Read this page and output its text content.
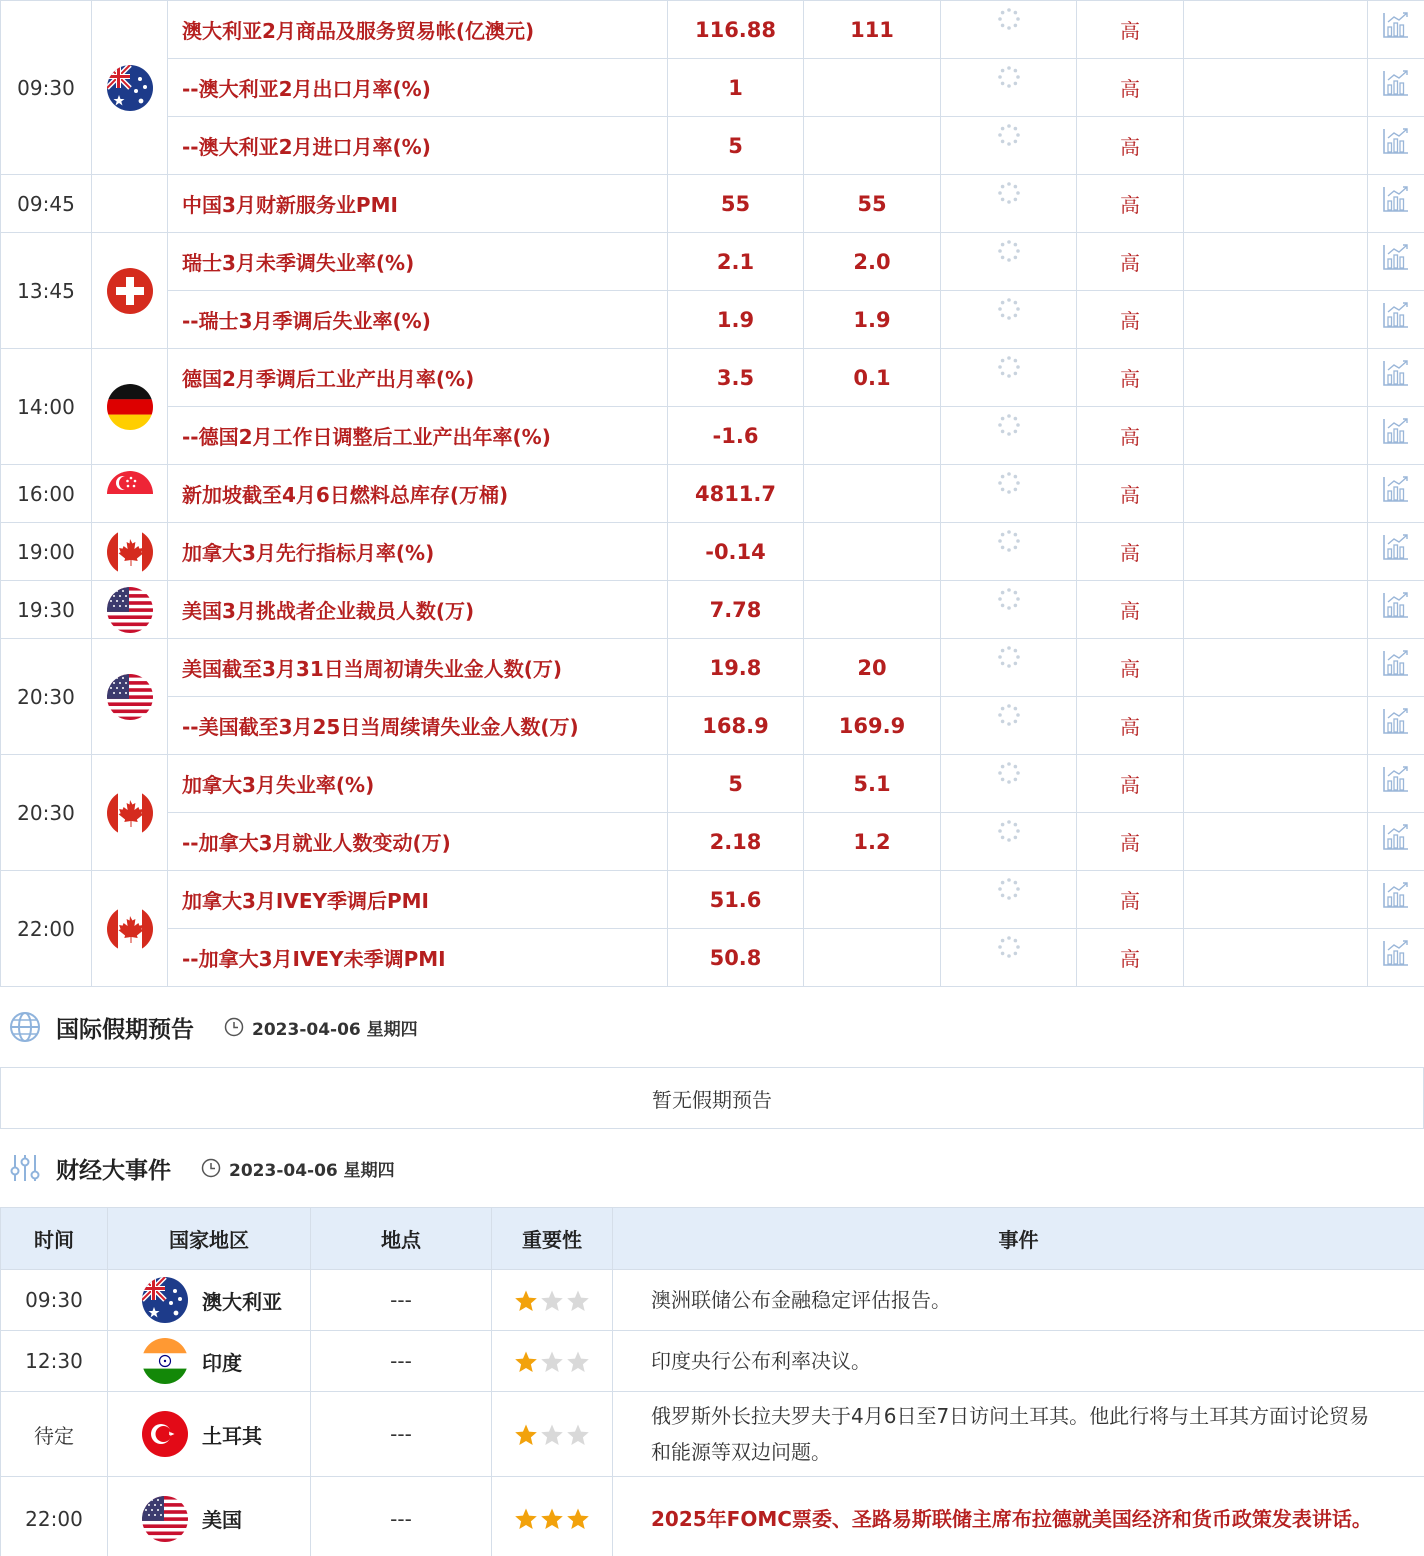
09:30		澳大利亚2月商品及服务贸易帐(亿澳元)	116.88	111		高		
		--澳大利亚2月出口月率(%)	1			高		
		--澳大利亚2月进口月率(%)	5			高		
09:45		中国3月财新服务业PMI	55	55		高		
13:45		瑞士3月未季调失业率(%)	2.1	2.0		高		
		--瑞士3月季调后失业率(%)	1.9	1.9		高		
14:00		德国2月季调后工业产出月率(%)	3.5	0.1		高		
		--德国2月工作日调整后工业产出年率(%)	-1.6			高		
16:00		新加坡截至4月6日燃料总库存(万桶)	4811.7			高		
19:00		加拿大3月先行指标月率(%)	-0.14			高		
19:30		美国3月挑战者企业裁员人数(万)	7.78			高		
20:30		美国截至3月31日当周初请失业金人数(万)	19.8	20		高		
		--美国截至3月25日当周续请失业金人数(万)	168.9	169.9		高		
20:30		加拿大3月失业率(%)	5	5.1		高		
		--加拿大3月就业人数变动(万)	2.18	1.2		高		
22:00		加拿大3月IVEY季调后PMI	51.6			高		
		--加拿大3月IVEY未季调PMI	50.8			高		
国际假期预告	2023-04-06 星期四
暂无假期预告
财经大事件	2023-04-06 星期四
时间	国家地区	地点	重要性	事件
09:30	澳大利亚	---		澳洲联储公布金融稳定评估报告。
12:30	印度	---		印度央行公布利率决议。
待定	土耳其	---		俄罗斯外长拉夫罗夫于4月6日至7日访问土耳其。他此行将与土耳其方面讨论贸易和能源等双边问题。
22:00	美国	---		2025年FOMC票委、圣路易斯联储主席布拉德就美国经济和货币政策发表讲话。
